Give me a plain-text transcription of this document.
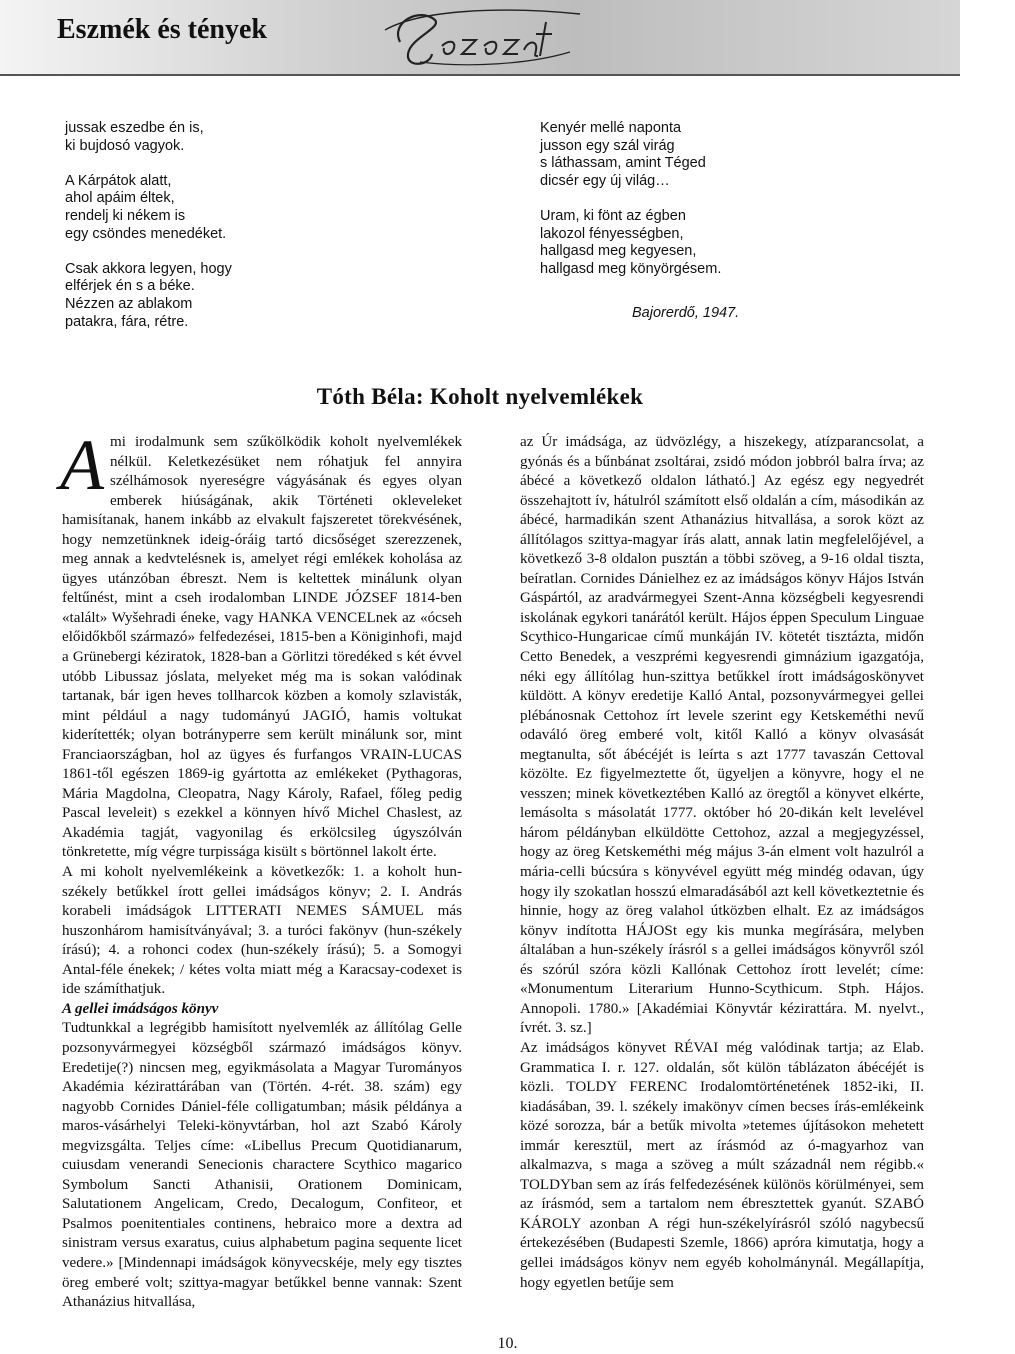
Eszmék és tények
jussak eszedbe én is,
ki bujdosó vagyok.
A Kárpátok alatt,
ahol apáim éltek,
rendelj ki nékem is
egy csöndes menedéket.
Csak akkora legyen, hogy
elférjek én s a béke.
Nézzen az ablakom
patakra, fára, rétre.
Kenyér mellé naponta
jusson egy szál virág
s láthassam, amint Téged
dicsér egy új világ…
Uram, ki fönt az égben
lakozol fényességben,
hallgasd meg kegyesen,
hallgasd meg könyörgésem.
Bajorerdő, 1947.
Tóth Béla: Koholt nyelvemlékek
A mi irodalmunk sem szűkölködik koholt nyelvemlékek nélkül. Keletkezésüket nem róhatjuk fel annyira szélhámosok nyereségre vágyásának és egyes olyan emberek hiúságának, akik Történeti okleveleket hamisítanak, hanem inkább az elvakult fajszeretet törekvésének, hogy nemzetünknek ideig-óráig tartó dicsőséget szerezzenek, meg annak a kedvtelésnek is, amelyet régi emlékek koholása az ügyes utánzóban ébreszt. Nem is keltettek minálunk olyan feltűnést, mint a cseh irodalomban LINDE JÓZSEF 1814-ben «talált» Wyšehradi éneke, vagy HANKA VENCELnek az «ócseh előidőkből származó» felfedezései, 1815-ben a Königinhofi, majd a Grünebergi kéziratok, 1828-ban a Görlitzi töredéked s két évvel utóbb Libussaz jóslata, melyeket még ma is sokan valódinak tartanak, bár igen heves tollharcok közben a komoly szlavisták, mint például a nagy tudományú JAGIÓ, hamis voltukat kiderítették; olyan botrányperre sem került minálunk sor, mint Franciaországban, hol az ügyes és furfangos VRAIN-LUCAS 1861-től egészen 1869-ig gyártotta az emlékeket (Pythagoras, Mária Magdolna, Cleopatra, Nagy Károly, Rafael, főleg pedig Pascal leveleit) s ezekkel a könnyen hívő Michel Chaslest, az Akadémia tagját, vagyonilag és erkölcsileg úgyszólván tönkretette, míg végre turpissága kisült s börtönnel lakolt érte.

A mi koholt nyelvemlékeink a következők: 1. a koholt hun-székely betűkkel írott gellei imádságos könyv; 2. I. András korabeli imádságok LITTERATI NEMES SÁMUEL más huszonhárom hamisítványával; 3. a turóci fakönyv (hun-székely írású); 4. a rohonci codex (hun-székely írású); 5. a Somogyi Antal-féle énekek; / kétes volta miatt még a Karacsay-codexet is ide számíthatjuk.

A gellei imádságos könyv

Tudtunkkal a legrégibb hamisított nyelvemlék az állítólag Gelle pozsonyvármegyei községből származó imádságos könyv. Eredetije(?) nincsen meg, egyikmásolata a Magyar Turományos Akadémia kézirattárában van (Történ. 4-rét. 38. szám) egy nagyobb Cornides Dániel-féle colligatumban; másik példánya a maros-vásárhelyi Teleki-könyvtárban, hol azt Szabó Károly megvizsgálta. Teljes címe: «Libellus Precum Quotidianarum, cuiusdam venerandi Senecionis charactere Scythico magarico Symbolum Sancti Athanisii, Orationem Dominicam, Salutationem Angelicam, Credo, Decalogum, Confiteor, et Psalmos poenitentiales continens, hebraico more a dextra ad sinistram versus exaratus, cuius alphabetum pagina sequente licet vedere.» [Mindennapi imádságok könyvecskéje, mely egy tisztes öreg emberé volt; szittya-magyar betűkkel benne vannak: Szent Athanázius hitvallása,

az Úr imádsága, az üdvözlégy, a hiszekegy, atízparancsolat, a gyónás és a bűnbánat zsoltárai, zsidó módon jobbról balra írva; az ábécé a következő oldalon látható.] Az egész egy negyedrét összehajtott ív, hátulról számított első oldalán a cím, másodikán az ábécé, harmadikán szent Athanázius hitvallása, a sorok közt az állítólagos szittya-magyar írás alatt, annak latin megfelelőjével, a következő 3-8 oldalon pusztán a többi szöveg, a 9-16 oldal tiszta, beíratlan. Cornides Dánielhez ez az imádságos könyv Hájos István Gáspártól, az aradvármegyei Szent-Anna községbeli kegyesrendi iskolának egykori tanárától került. Hájos éppen Speculum Linguae Scythico-Hungaricae című munkáján IV. kötetét tisztázta, midőn Cetto Benedek, a veszprémi kegyesrendi gimnázium igazgatója, néki egy állítólag hun-szittya betűkkel írott imádságoskönyvet küldött. A könyv eredetije Kalló Antal, pozsonyvármegyei gellei plébánosnak Cettohoz írt levele szerint egy Ketskeméthi nevű odaváló öreg emberé volt, kitől Kalló a könyv olvasását megtanulta, sőt ábécéjét is leírta s azt 1777 tavaszán Cettoval közölte. Ez figyelmeztette őt, ügyeljen a könyvre, hogy el ne vesszen; minek következtében Kalló az öregtől a könyvet elkérte, lemásolta s másolatát 1777. október hó 20-dikán kelt levelével három példányban elküldötte Cettohoz, azzal a megjegyzéssel, hogy az öreg Ketskeméthi még május 3-án elment volt hazulról a mária-celli búcsúra s könyvével együtt még mindég odavan, úgy hogy ily szokatlan hosszú elmaradásából azt kell következtetnie és hinnie, hogy az öreg valahol útközben elhalt. Ez az imádságos könyv indította HÁJOSt egy kis munka megírására, melyben általában a hun-székely írásról s a gellei imádságos könyvről szól és szórúl szóra közli Kallónak Cettohoz írott levelét; címe: «Monumentum Literarium Hunno-Scythicum. Stph. Hájos. Annopoli. 1780.» [Akadémiai Könyvtár kézirattára. M. nyelvt., ívrét. 3. sz.]

Az imádságos könyvet RÉVAI még valódinak tartja; az Elab. Grammatica I. r. 127. oldalán, sőt külön táblázaton ábécéjét is közli. TOLDY FERENC Irodalomtörténetének 1852-iki, II. kiadásában, 39. l. székely imakönyv címen becses írás-emlékeink közé sorozza, bár a betűk mivolta »tetemes újításokon mehetett immár keresztül, mert az írásmód az ó-magyarhoz van alkalmazva, s maga a szöveg a múlt századnál nem régibb.« TOLDYban sem az írás felfedezésének különös körülményei, sem az írásmód, sem a tartalom nem ébresztettek gyanút. SZABÓ KÁROLY azonban A régi hun-székelyírásról szóló nagybecsű értekezésében (Budapesti Szemle, 1866) apróra kimutatja, hogy a gellei imádságos könyv nem egyéb koholmánynál. Megállapítja, hogy egyetlen betűje sem

10.
